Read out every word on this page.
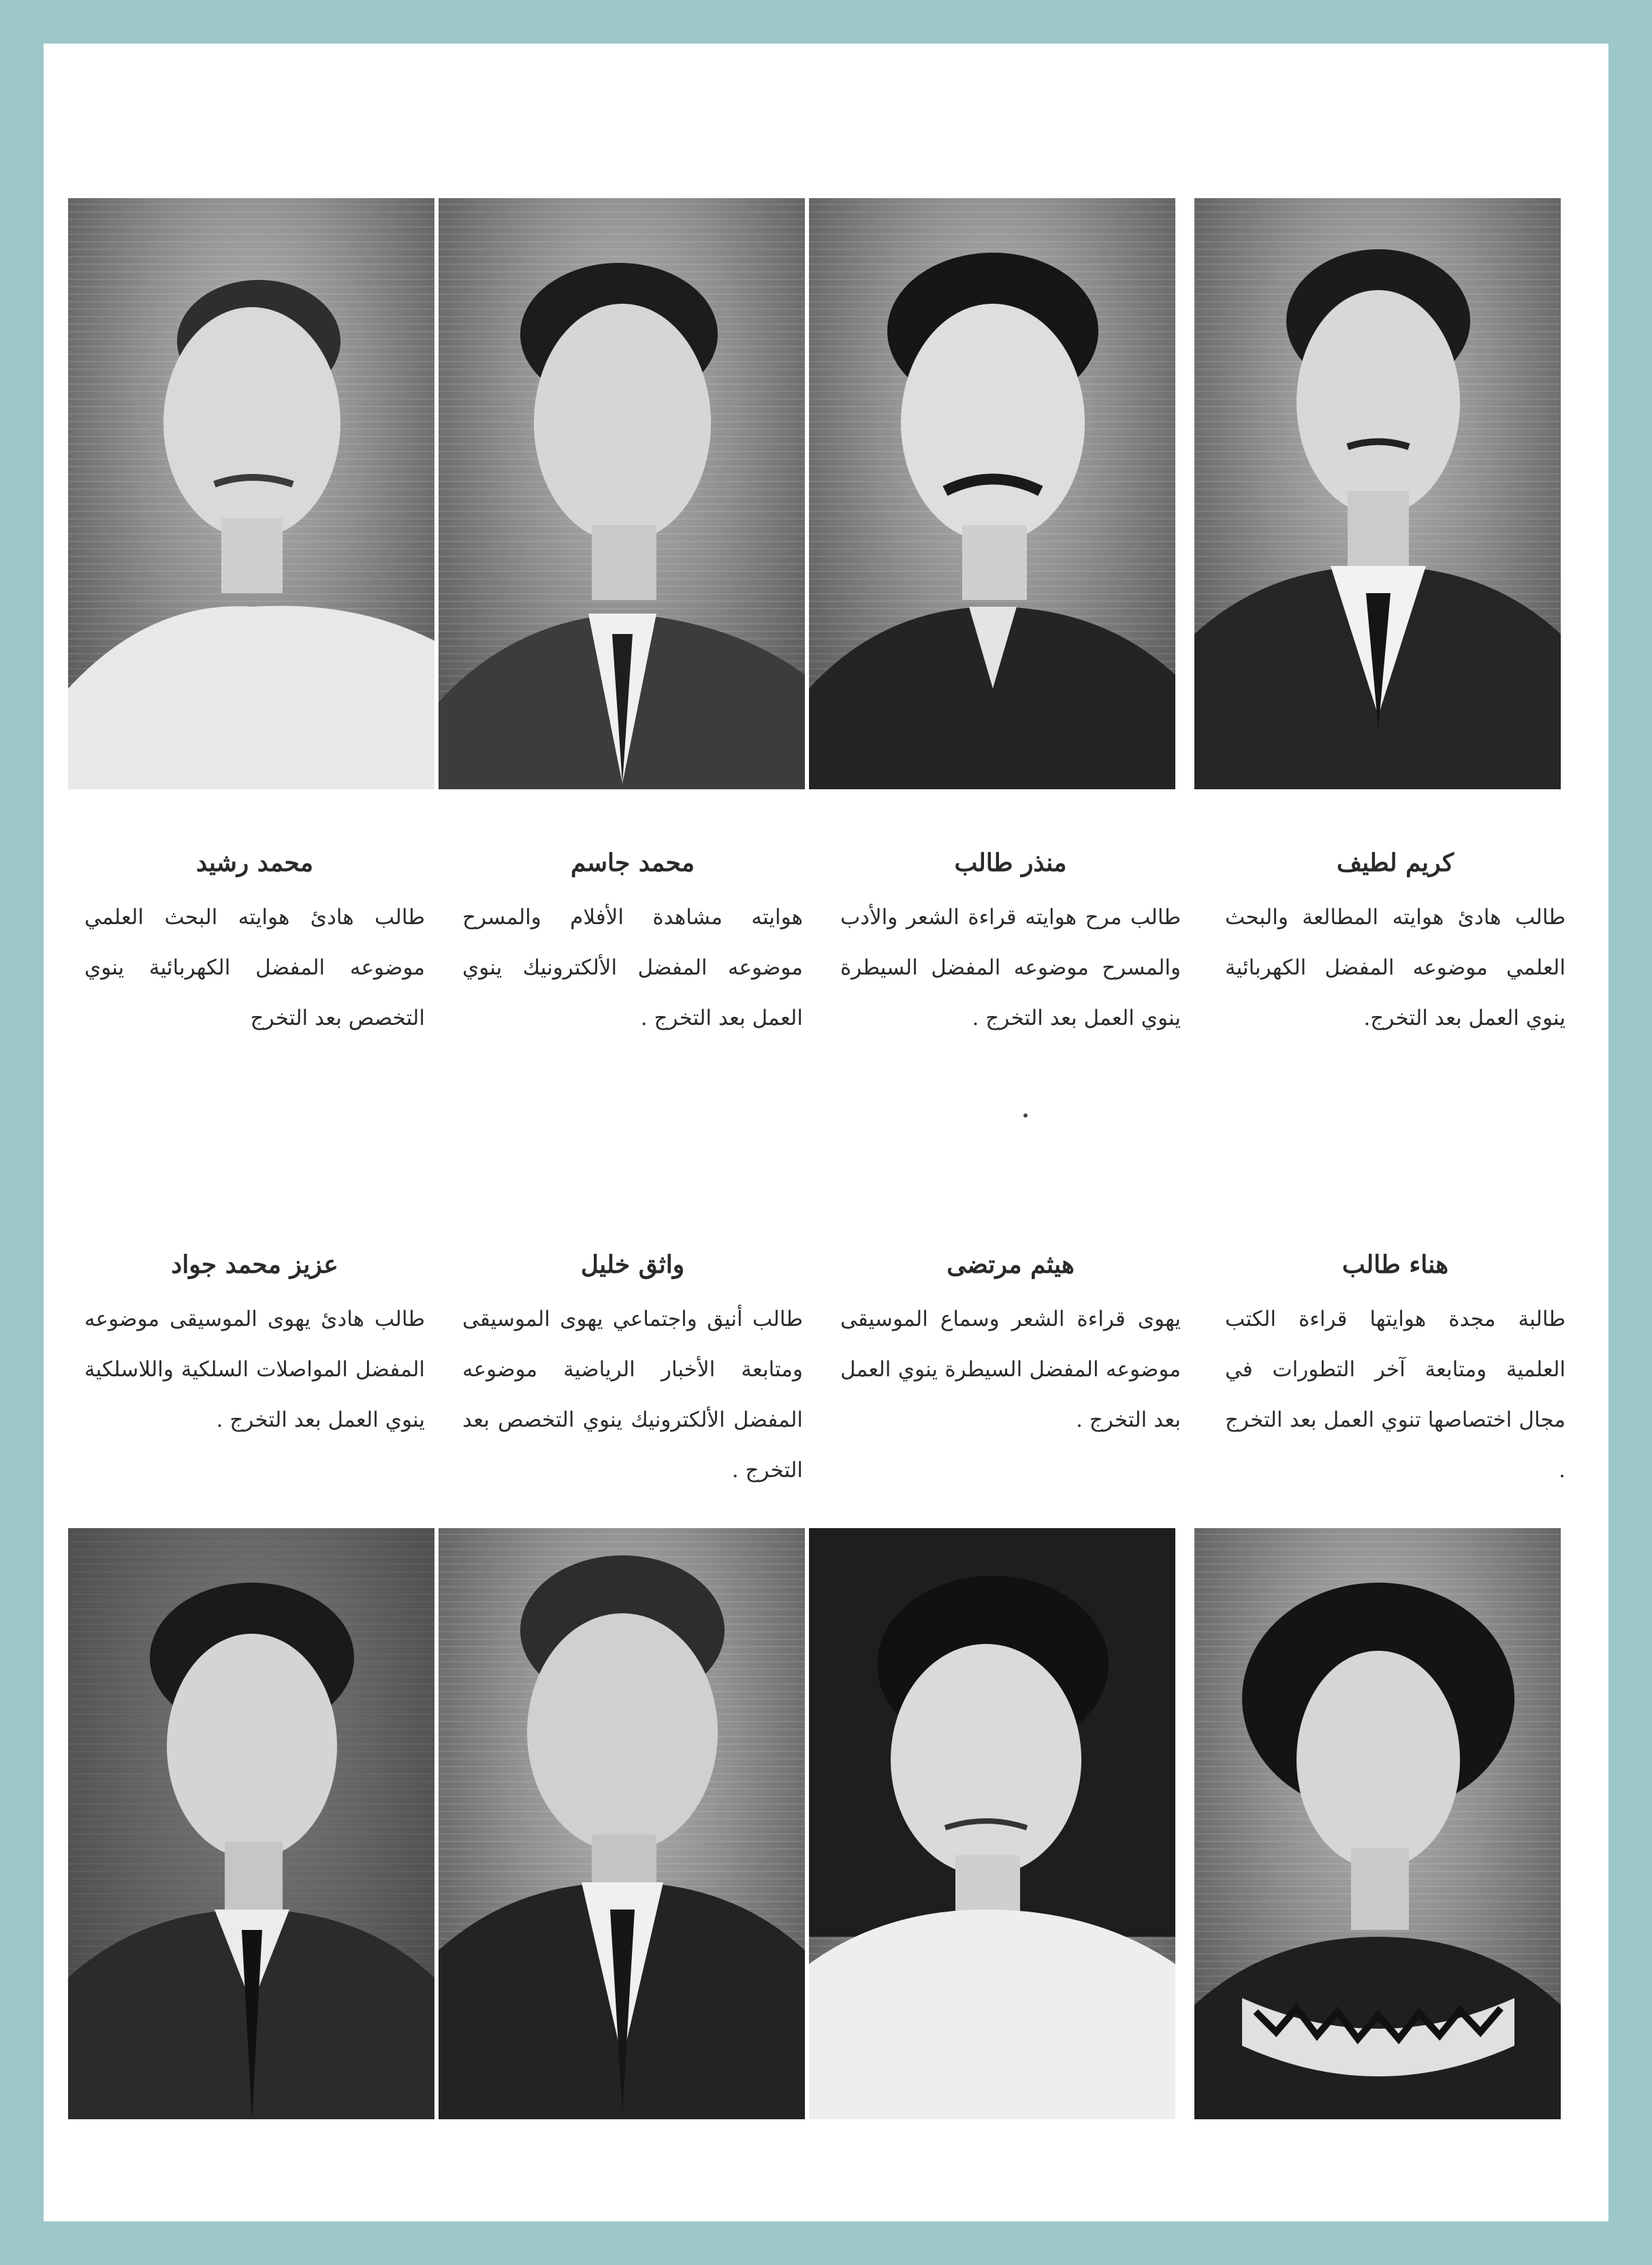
كريم لطيف

طالب هادئ هوايته المطالعة والبحث العلمي موضوعه المفضل الكهربائية ينوي العمل بعد التخرج.

منذر طالب

طالب مرح هوايته قراءة الشعر والأدب والمسرح موضوعه المفضل السيطرة ينوي العمل بعد التخرج .

محمد جاسم

هوايته مشاهدة الأفلام والمسرح موضوعه المفضل الألكترونيك ينوي العمل بعد التخرج .

محمد رشيد

طالب هادئ هوايته البحث العلمي موضوعه المفضل الكهربائية ينوي التخصص بعد التخرج

هناء طالب

طالبة مجدة هوايتها قراءة الكتب العلمية ومتابعة آخر التطورات في مجال اختصاصها تنوي العمل بعد التخرج .

هيثم مرتضى

يهوى قراءة الشعر وسماع الموسيقى موضوعه المفضل السيطرة ينوي العمل بعد التخرج .

واثق خليل

طالب أنيق واجتماعي يهوى الموسيقى ومتابعة الأخبار الرياضية موضوعه المفضل الألكترونيك ينوي التخصص بعد التخرج .

عزيز محمد جواد

طالب هادئ يهوى الموسيقى موضوعه المفضل المواصلات السلكية واللاسلكية ينوي العمل بعد التخرج .
